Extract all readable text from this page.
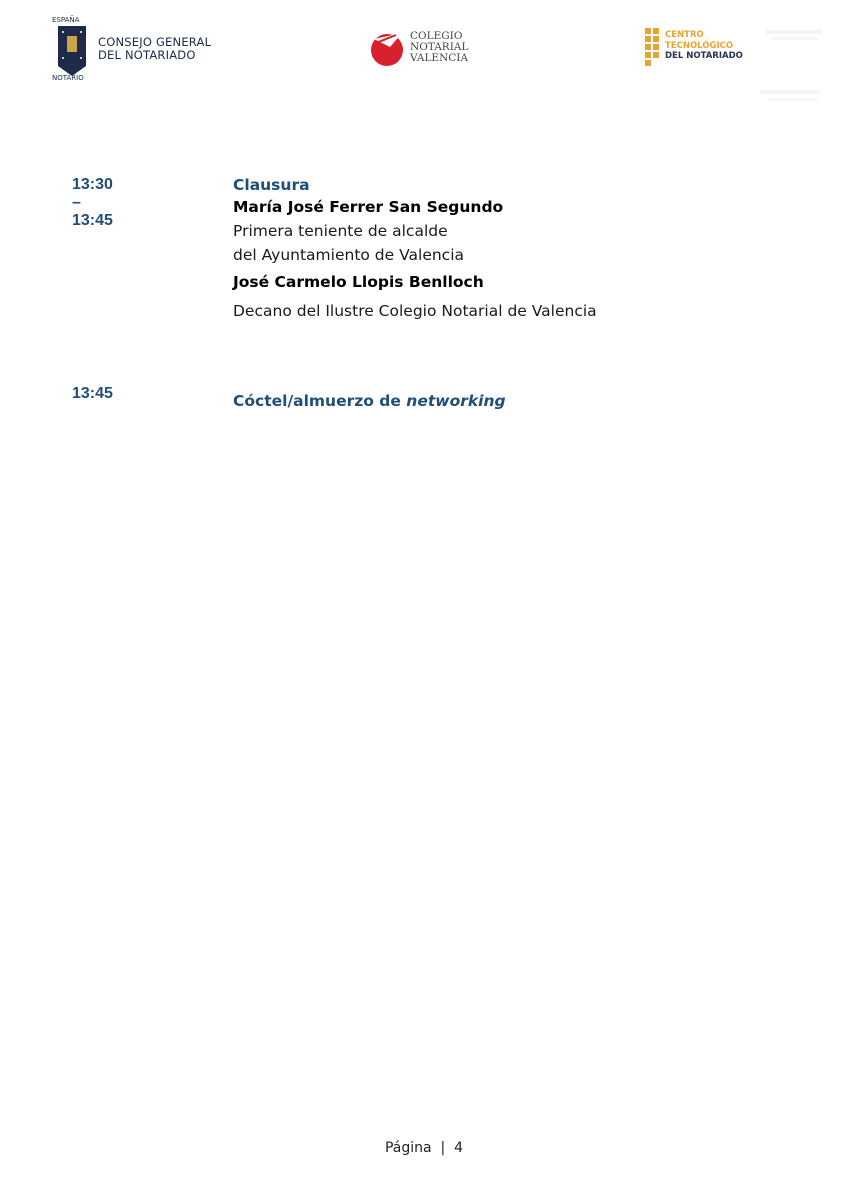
ESPAÑA
NOTARIO
CONSEJO GENERAL
DEL NOTARIADO
COLEGIO
NOTARIAL
VALENCIA
CENTRO
TECNOLÓGICO
DEL NOTARIADO
13:30 – 13:45
Clausura
María José Ferrer San Segundo
Primera teniente de alcalde
del Ayuntamiento de Valencia
José Carmelo Llopis Benlloch
Decano del Ilustre Colegio Notarial de Valencia
13:45	Cóctel/almuerzo de networking
Página  |  4
